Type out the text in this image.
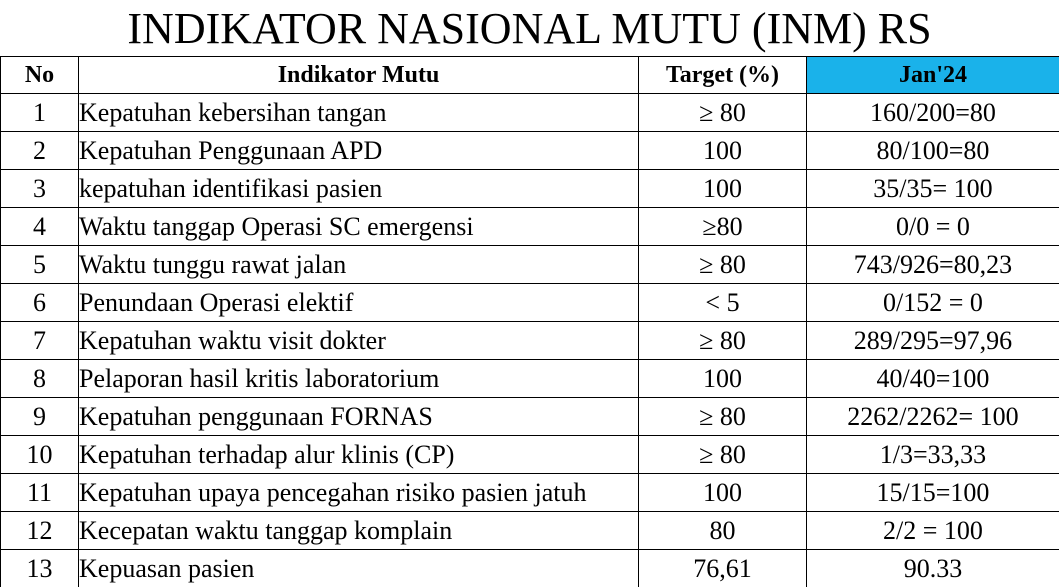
INDIKATOR NASIONAL MUTU (INM) RS
No	Indikator Mutu	Target (%)	Jan'24
1	Kepatuhan kebersihan tangan	≥ 80	160/200=80
2	Kepatuhan Penggunaan APD	100	80/100=80
3	kepatuhan identifikasi pasien	100	35/35= 100
4	Waktu tanggap Operasi SC emergensi	≥80	0/0 = 0
5	Waktu tunggu rawat jalan	≥ 80	743/926=80,23
6	Penundaan Operasi elektif	< 5	0/152 = 0
7	Kepatuhan waktu visit dokter	≥ 80	289/295=97,96
8	Pelaporan hasil kritis laboratorium	100	40/40=100
9	Kepatuhan penggunaan FORNAS	≥ 80	2262/2262= 100
10	Kepatuhan terhadap alur klinis (CP)	≥ 80	1/3=33,33
11	Kepatuhan upaya pencegahan risiko pasien jatuh	100	15/15=100
12	Kecepatan waktu tanggap komplain	80	2/2 = 100
13	Kepuasan pasien	76,61	90.33
